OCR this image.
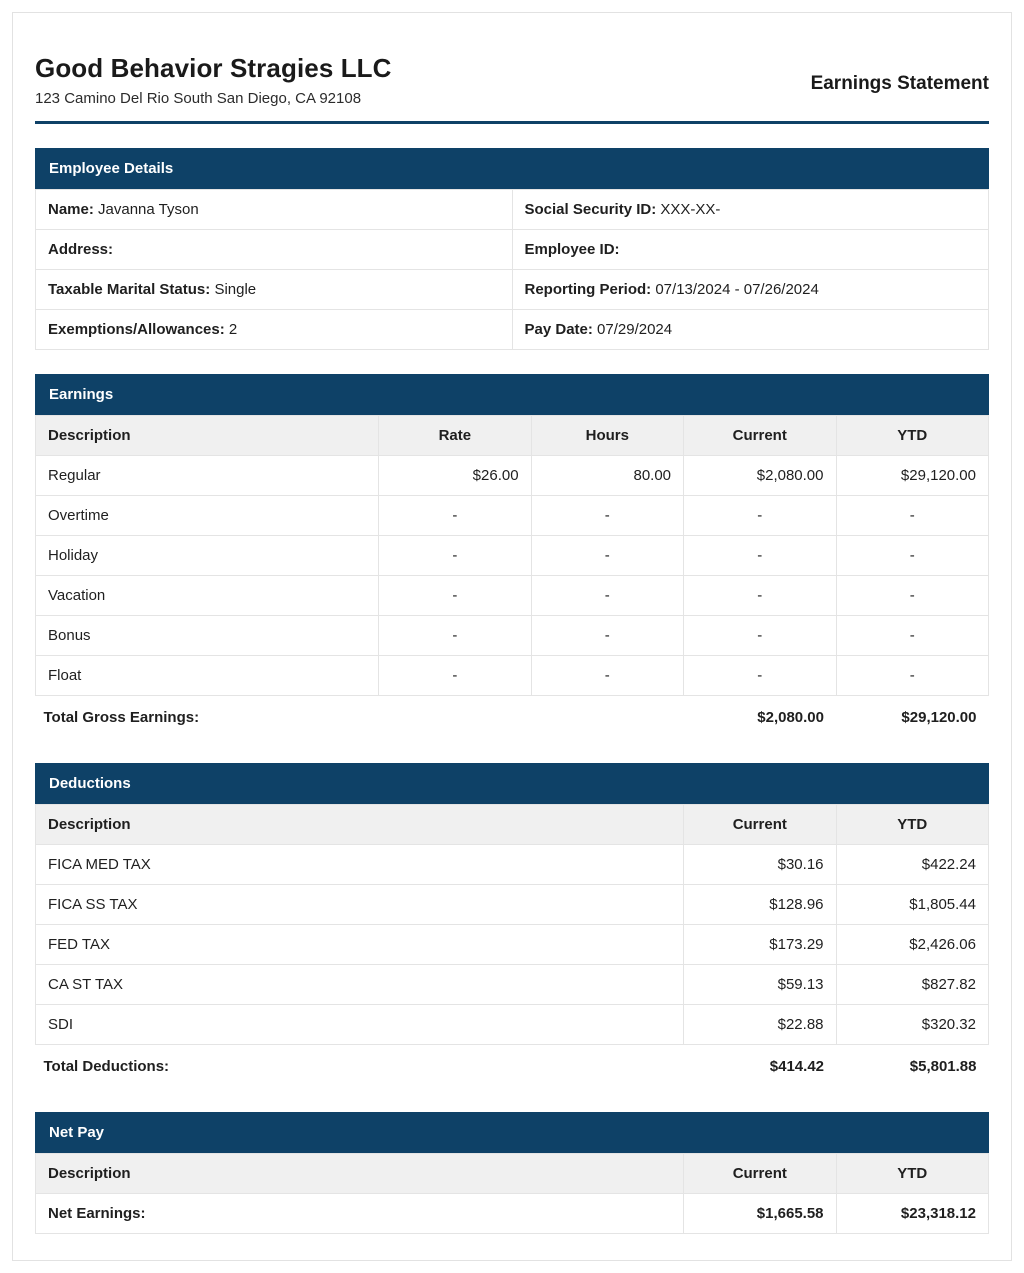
Good Behavior Stragies LLC
123 Camino Del Rio South San Diego, CA 92108
Earnings Statement
Employee Details
Name: Javanna Tyson	Social Security ID: XXX-XX-
Address:	Employee ID:
Taxable Marital Status: Single	Reporting Period: 07/13/2024 - 07/26/2024
Exemptions/Allowances: 2	Pay Date: 07/29/2024
Earnings
Description	Rate	Hours	Current	YTD
Regular	$26.00	80.00	$2,080.00	$29,120.00
Overtime	-	-	-	-
Holiday	-	-	-	-
Vacation	-	-	-	-
Bonus	-	-	-	-
Float	-	-	-	-
Total Gross Earnings:			$2,080.00	$29,120.00
Deductions
Description	Current	YTD
FICA MED TAX	$30.16	$422.24
FICA SS TAX	$128.96	$1,805.44
FED TAX	$173.29	$2,426.06
CA ST TAX	$59.13	$827.82
SDI	$22.88	$320.32
Total Deductions:	$414.42	$5,801.88
Net Pay
Description	Current	YTD
Net Earnings:	$1,665.58	$23,318.12
